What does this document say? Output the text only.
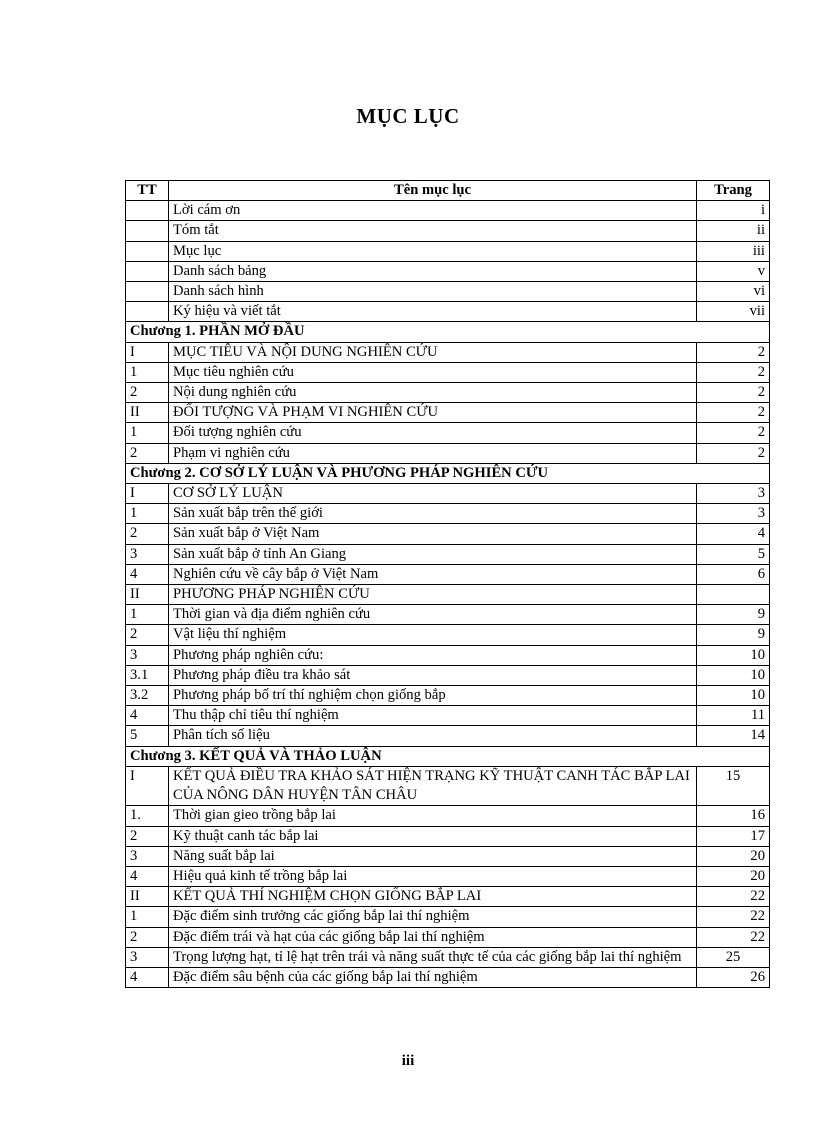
MỤC LỤC
TT	Tên mục lục	Trang
	Lời cám ơn	i
	Tóm tắt	ii
	Mục lục	iii
	Danh sách bảng	v
	Danh sách hình	vi
	Ký hiệu và viết tắt	vii
Chương 1. PHẦN MỞ ĐẦU		
I	MỤC TIÊU VÀ NỘI DUNG NGHIÊN CỨU	2
1	Mục tiêu nghiên cứu	2
2	Nội dung nghiên cứu	2
II	ĐỐI TƯỢNG VÀ PHẠM VI NGHIÊN CỨU	2
1	Đối tượng nghiên cứu	2
2	Phạm vi nghiên cứu	2
Chương 2. CƠ SỞ LÝ LUẬN VÀ PHƯƠNG PHÁP NGHIÊN CỨU		
I	CƠ SỞ LÝ LUẬN	3
1	Sản xuất bắp trên thế giới	3
2	Sản xuất bắp ở Việt Nam	4
3	Sản xuất bắp ở tỉnh An Giang	5
4	Nghiên cứu về cây bắp ở Việt Nam	6
II	PHƯƠNG PHÁP NGHIÊN CỨU	
1	Thời gian và địa điểm nghiên cứu	9
2	Vật liệu thí nghiệm	9
3	Phương pháp nghiên cứu:	10
3.1	Phương pháp điều tra khảo sát	10
3.2	Phương pháp bố trí thí nghiệm chọn giống bắp	10
4	Thu thập chỉ tiêu thí nghiệm	11
5	Phân tích số liệu	14
Chương 3. KẾT QUẢ VÀ THẢO LUẬN		
I	KẾT QUẢ ĐIỀU TRA KHẢO SÁT HIỆN TRẠNG KỸ THUẬT CANH TÁC BẮP LAI CỦA NÔNG DÂN HUYỆN TÂN CHÂU	15
1.	Thời gian gieo trồng bắp lai	16
2	Kỹ thuật canh tác bắp lai	17
3	Năng suất bắp lai	20
4	Hiệu quả kinh tế trồng bắp lai	20
II	KẾT QUẢ THÍ NGHIỆM CHỌN GIỐNG BẮP LAI	22
1	Đặc điểm sinh trưởng các giống bắp lai thí nghiệm	22
2	Đặc điểm trái và hạt của các giống bắp lai thí nghiệm	22
3	Trọng lượng hạt, tỉ lệ hạt trên trái và năng suất thực tế của các giống bắp lai thí nghiệm	25
4	Đặc điểm sâu bệnh của các giống bắp lai thí nghiệm	26
iii
